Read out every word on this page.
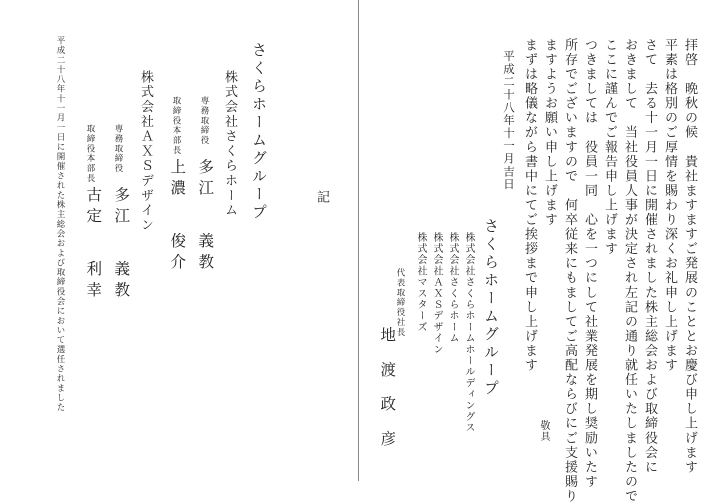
拝啓　晩秋の候　貴社ますますご発展のこととお慶び申し上げます
平素は格別のご厚情を賜わり深くお礼申し上げます
さて　去る十一月一日に開催されました株主総会および取締役会に
おきまして　当社役員人事が決定され左記の通り就任いたしましたので
ここに謹んでご報告申し上げます
つきましては　役員一同　心を一つにして社業発展を期し奨励いたす
所存でございますので　何卒従来にもましてご高配ならびにご支援賜り
ますようお願い申し上げます
まずは略儀ながら書中にてご挨拶まで申し上げます
敬具
平成二十八年十一月吉日
さくらホームグループ
株式会社さくらホームホールディングス
株式会社さくらホーム
株式会社ＡＸＳデザイン
株式会社マスターズ
代表取締役社長
地
渡
政
彦
記
さくらホームグループ
株式会社さくらホーム
専務取締役
多
江
義
教
取締役本部長
上
濃
俊
介
株式会社ＡＸＳデザイン
専務取締役
多
江
義
教
取締役本部長
古
定
利
幸
平成二十八年十一月一日に開催された株主総会および取締役会において選任されました
